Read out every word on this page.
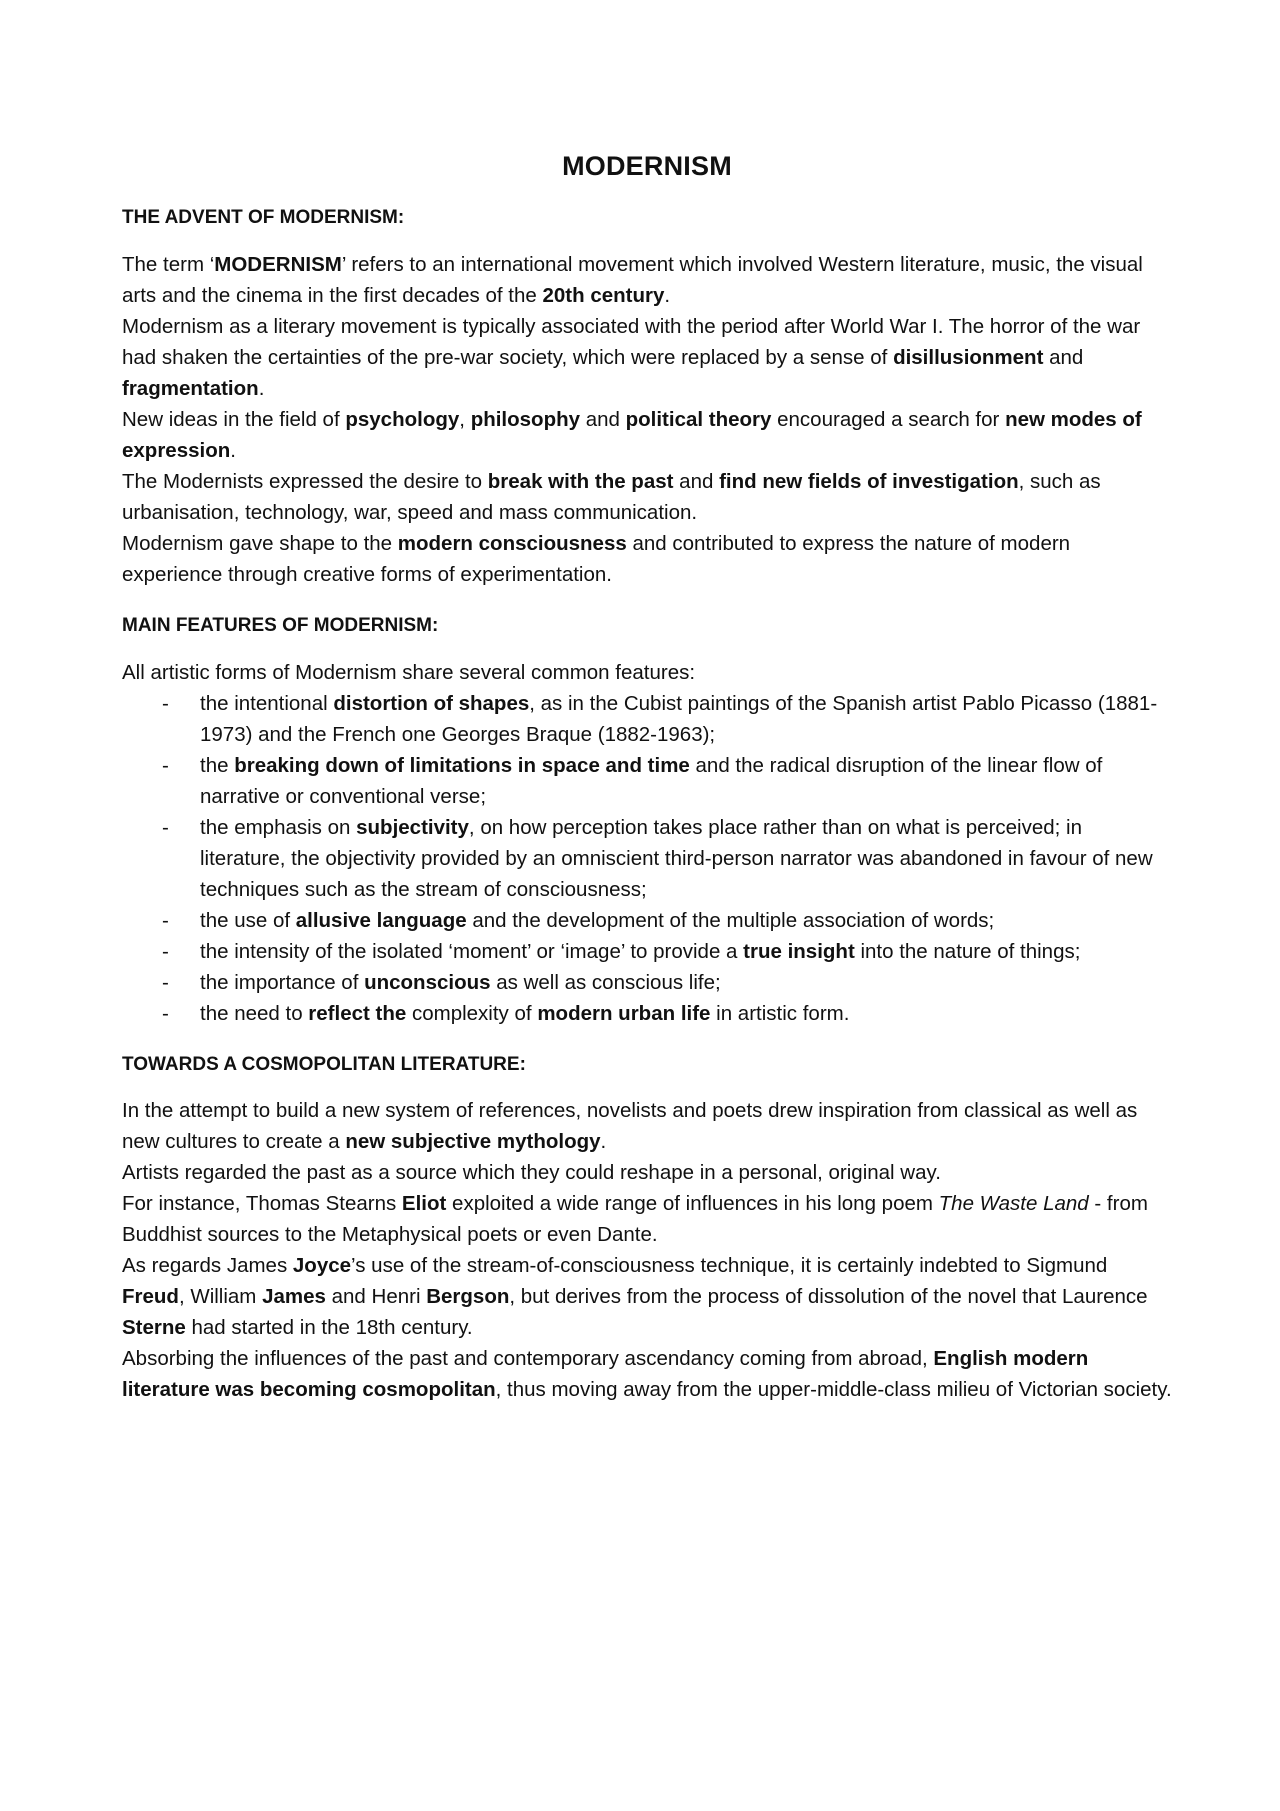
MODERNISM
THE ADVENT OF MODERNISM:

The term ‘MODERNISM’ refers to an international movement which involved Western literature, music, the visual arts and the cinema in the first decades of the 20th century.

Modernism as a literary movement is typically associated with the period after World War I. The horror of the war had shaken the certainties of the pre-war society, which were replaced by a sense of disillusionment and fragmentation.

New ideas in the field of psychology, philosophy and political theory encouraged a search for new modes of expression.

The Modernists expressed the desire to break with the past and find new fields of investigation, such as urbanisation, technology, war, speed and mass communication.

Modernism gave shape to the modern consciousness and contributed to express the nature of modern experience through creative forms of experimentation.

MAIN FEATURES OF MODERNISM:

All artistic forms of Modernism share several common features:

- the intentional distortion of shapes, as in the Cubist paintings of the Spanish artist Pablo Picasso (1881-1973) and the French one Georges Braque (1882-1963);
- the breaking down of limitations in space and time and the radical disruption of the linear flow of narrative or conventional verse;
- the emphasis on subjectivity, on how perception takes place rather than on what is perceived; in literature, the objectivity provided by an omniscient third-person narrator was abandoned in favour of new techniques such as the stream of consciousness;
- the use of allusive language and the development of the multiple association of words;
- the intensity of the isolated ‘moment’ or ‘image’ to provide a true insight into the nature of things;
- the importance of unconscious as well as conscious life;
- the need to reflect the complexity of modern urban life in artistic form.
TOWARDS A COSMOPOLITAN LITERATURE:

In the attempt to build a new system of references, novelists and poets drew inspiration from classical as well as new cultures to create a new subjective mythology.

Artists regarded the past as a source which they could reshape in a personal, original way.

For instance, Thomas Stearns Eliot exploited a wide range of influences in his long poem The Waste Land - from Buddhist sources to the Metaphysical poets or even Dante.

As regards James Joyce’s use of the stream-of-consciousness technique, it is certainly indebted to Sigmund Freud, William James and Henri Bergson, but derives from the process of dissolution of the novel that Laurence Sterne had started in the 18th century.

Absorbing the influences of the past and contemporary ascendancy coming from abroad, English modern literature was becoming cosmopolitan, thus moving away from the upper-middle-class milieu of Victorian society.
